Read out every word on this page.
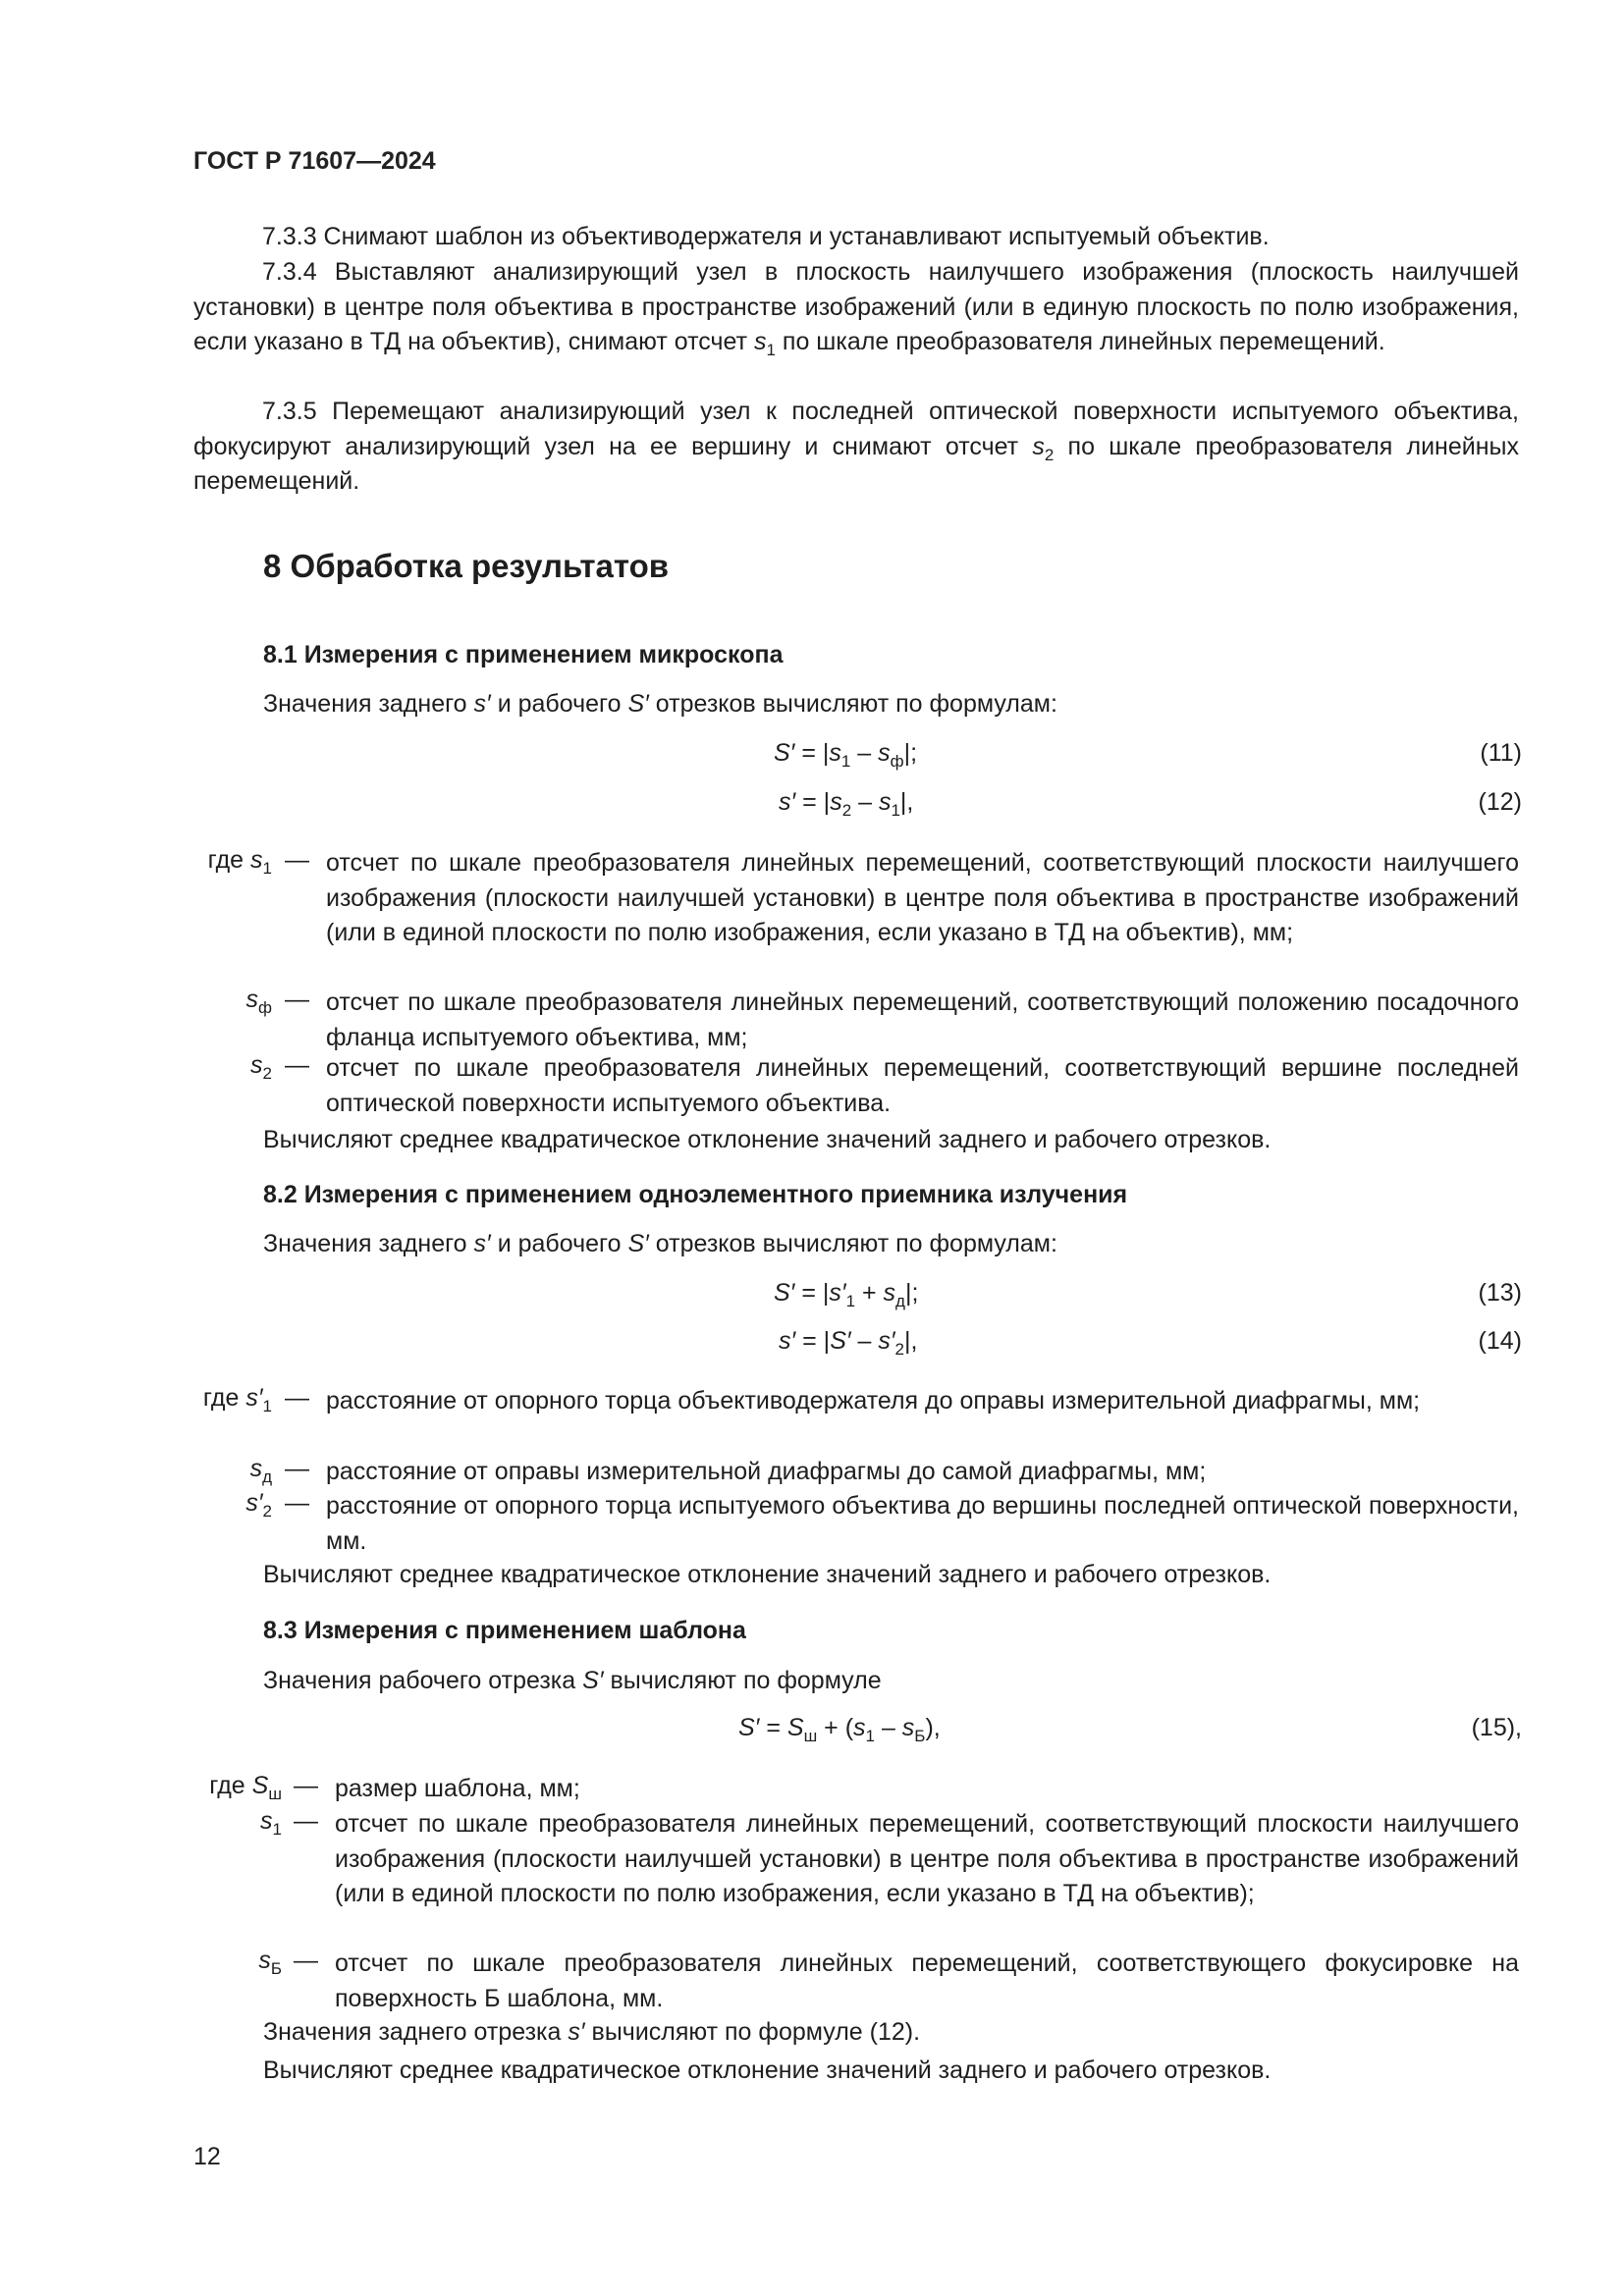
ГОСТ Р 71607—2024
7.3.3 Снимают шаблон из объективодержателя и устанавливают испытуемый объектив.
7.3.4 Выставляют анализирующий узел в плоскость наилучшего изображения (плоскость наилучшей установки) в центре поля объектива в пространстве изображений (или в единую плоскость по полю изображения, если указано в ТД на объектив), снимают отсчет $s_1$ по шкале преобразователя линейных перемещений.
7.3.5 Перемещают анализирующий узел к последней оптической поверхности испытуемого объектива, фокусируют анализирующий узел на ее вершину и снимают отсчет $s_2$ по шкале преобразователя линейных перемещений.
8 Обработка результатов
8.1 Измерения с применением микроскопа
Значения заднего s′ и рабочего S′ отрезков вычисляют по формулам:
$S' = |s_1 - s_ф|$;	(11)
$s' = |s_2 - s_1|$,	(12)
где $s_1$ — отсчет по шкале преобразователя линейных перемещений, соответствующий плоскости наилучшего изображения (плоскости наилучшей установки) в центре поля объектива в пространстве изображений (или в единой плоскости по полю изображения, если указано в ТД на объектив), мм;
$s_ф$ — отсчет по шкале преобразователя линейных перемещений, соответствующий положению посадочного фланца испытуемого объектива, мм;
$s_2$ — отсчет по шкале преобразователя линейных перемещений, соответствующий вершине последней оптической поверхности испытуемого объектива.
Вычисляют среднее квадратическое отклонение значений заднего и рабочего отрезков.
8.2 Измерения с применением одноэлементного приемника излучения
Значения заднего s′ и рабочего S′ отрезков вычисляют по формулам:
$S' = |s'_1 + s_д|$;	(13)
$s' = |S' - s'_2|$,	(14)
где $s'_1$ — расстояние от опорного торца объективодержателя до оправы измерительной диафрагмы, мм;
$s_д$ — расстояние от оправы измерительной диафрагмы до самой диафрагмы, мм;
$s'_2$ — расстояние от опорного торца испытуемого объектива до вершины последней оптической поверхности, мм.
Вычисляют среднее квадратическое отклонение значений заднего и рабочего отрезков.
8.3 Измерения с применением шаблона
Значения рабочего отрезка S′ вычисляют по формуле
$S' = S_ш + (s_1 - s_Б)$,	(15),
где $S_ш$ — размер шаблона, мм;
$s_1$ — отсчет по шкале преобразователя линейных перемещений, соответствующий плоскости наилучшего изображения (плоскости наилучшей установки) в центре поля объектива в пространстве изображений (или в единой плоскости по полю изображения, если указано в ТД на объектив);
$s_Б$ — отсчет по шкале преобразователя линейных перемещений, соответствующего фокусировке на поверхность Б шаблона, мм.
Значения заднего отрезка s′ вычисляют по формуле (12).
Вычисляют среднее квадратическое отклонение значений заднего и рабочего отрезков.
12
